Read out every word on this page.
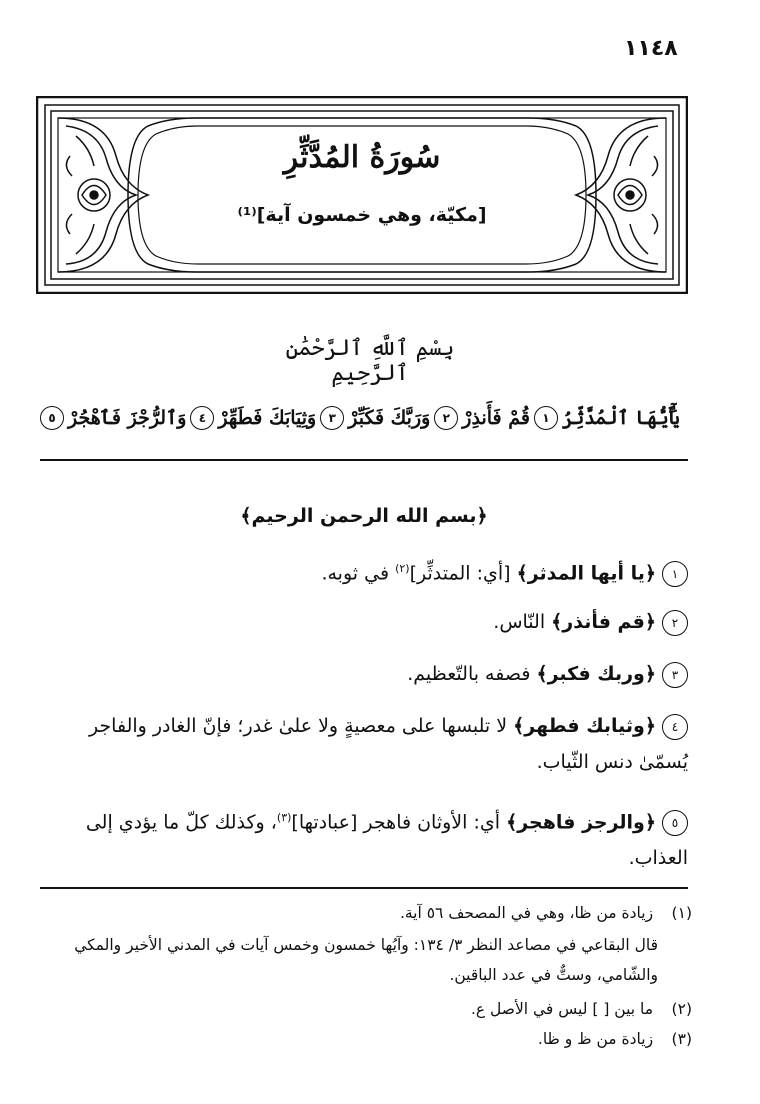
١١٤٨
سُورَةُ المُدَّثِّرِ
[مكيّة، وهي خمسون آية]⁽¹⁾
بِسْمِ ٱللَّهِ ٱلرَّحْمَٰنِ ٱلرَّحِيمِ
يَٰٓأَيُّهَا ٱلْمُدَّثِّرُ
١
قُمْ فَأَنذِرْ
٢
وَرَبَّكَ فَكَبِّرْ
٣
وَثِيَابَكَ فَطَهِّرْ
٤
وَٱلرُّجْزَ فَٱهْجُرْ
٥
﴿بسم الله الرحمن الرحيم﴾
١﴿يا أيها المدثر﴾ [أي: المتدثِّر]$^{(٢)}$ في ثوبه.
٢﴿قم فأنذر﴾ النّاس.
٣﴿وربك فكبر﴾ فصفه بالتّعظيم.
٤﴿وثيابك فطهر﴾ لا تلبسها على معصيةٍ ولا علىٰ غدر؛ فإنّ الغادر والفاجر يُسمّىٰ دنس الثّياب.
٥﴿والرجز فاهجر﴾ أي: الأوثان فاهجر [عبادتها]$^{(٣)}$، وكذلك كلّ ما يؤدي إلى العذاب.
(١) زيادة من ظا، وهي في المصحف ٥٦ آية.
قال البقاعي في مصاعد النظر ٣/ ١٣٤: وآيُها خمسون وخمس آيات في المدني الأخير والمكي والشّامي، وستٌّ في عدد الباقين.
(٢) ما بين [ ] ليس في الأصل ع.
(٣) زيادة من ظ و ظا.
